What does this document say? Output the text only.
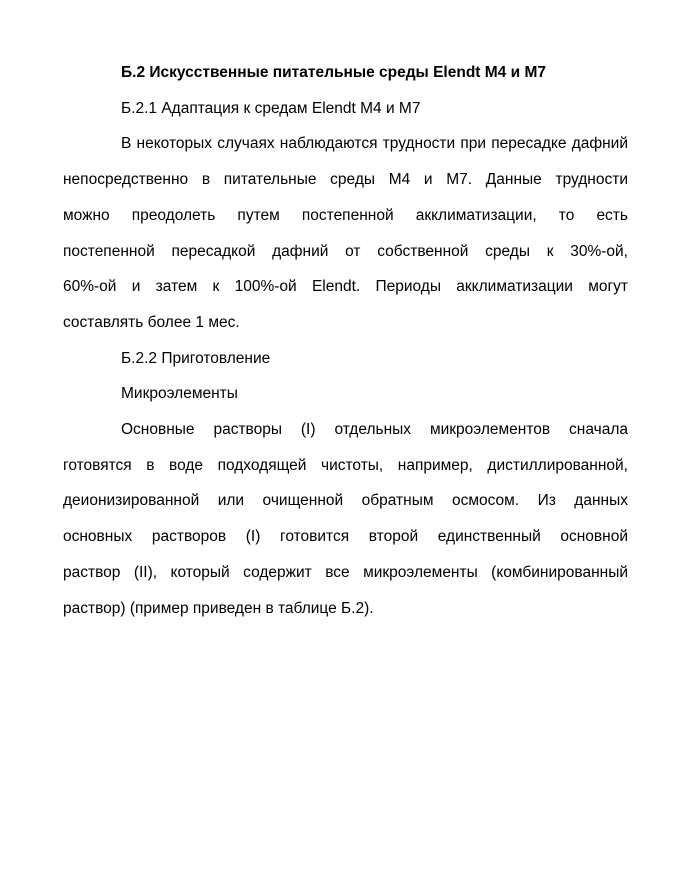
Б.2 Искусственные питательные среды Elendt М4 и М7
Б.2.1 Адаптация к средам Elendt М4 и М7
В некоторых случаях наблюдаются трудности при пересадке дафний
непосредственно в питательные среды М4 и М7. Данные трудности
можно преодолеть путем постепенной акклиматизации, то есть
постепенной пересадкой дафний от собственной среды к 30%-ой,
60%-ой и затем к 100%-ой Elendt. Периоды акклиматизации могут
составлять более 1 мес.
Б.2.2 Приготовление
Микроэлементы
Основные растворы (I) отдельных микроэлементов сначала
готовятся в воде подходящей чистоты, например, дистиллированной,
деионизированной или очищенной обратным осмосом. Из данных
основных растворов (I) готовится второй единственный основной
раствор (II), который содержит все микроэлементы (комбинированный
раствор) (пример приведен в таблице Б.2).
